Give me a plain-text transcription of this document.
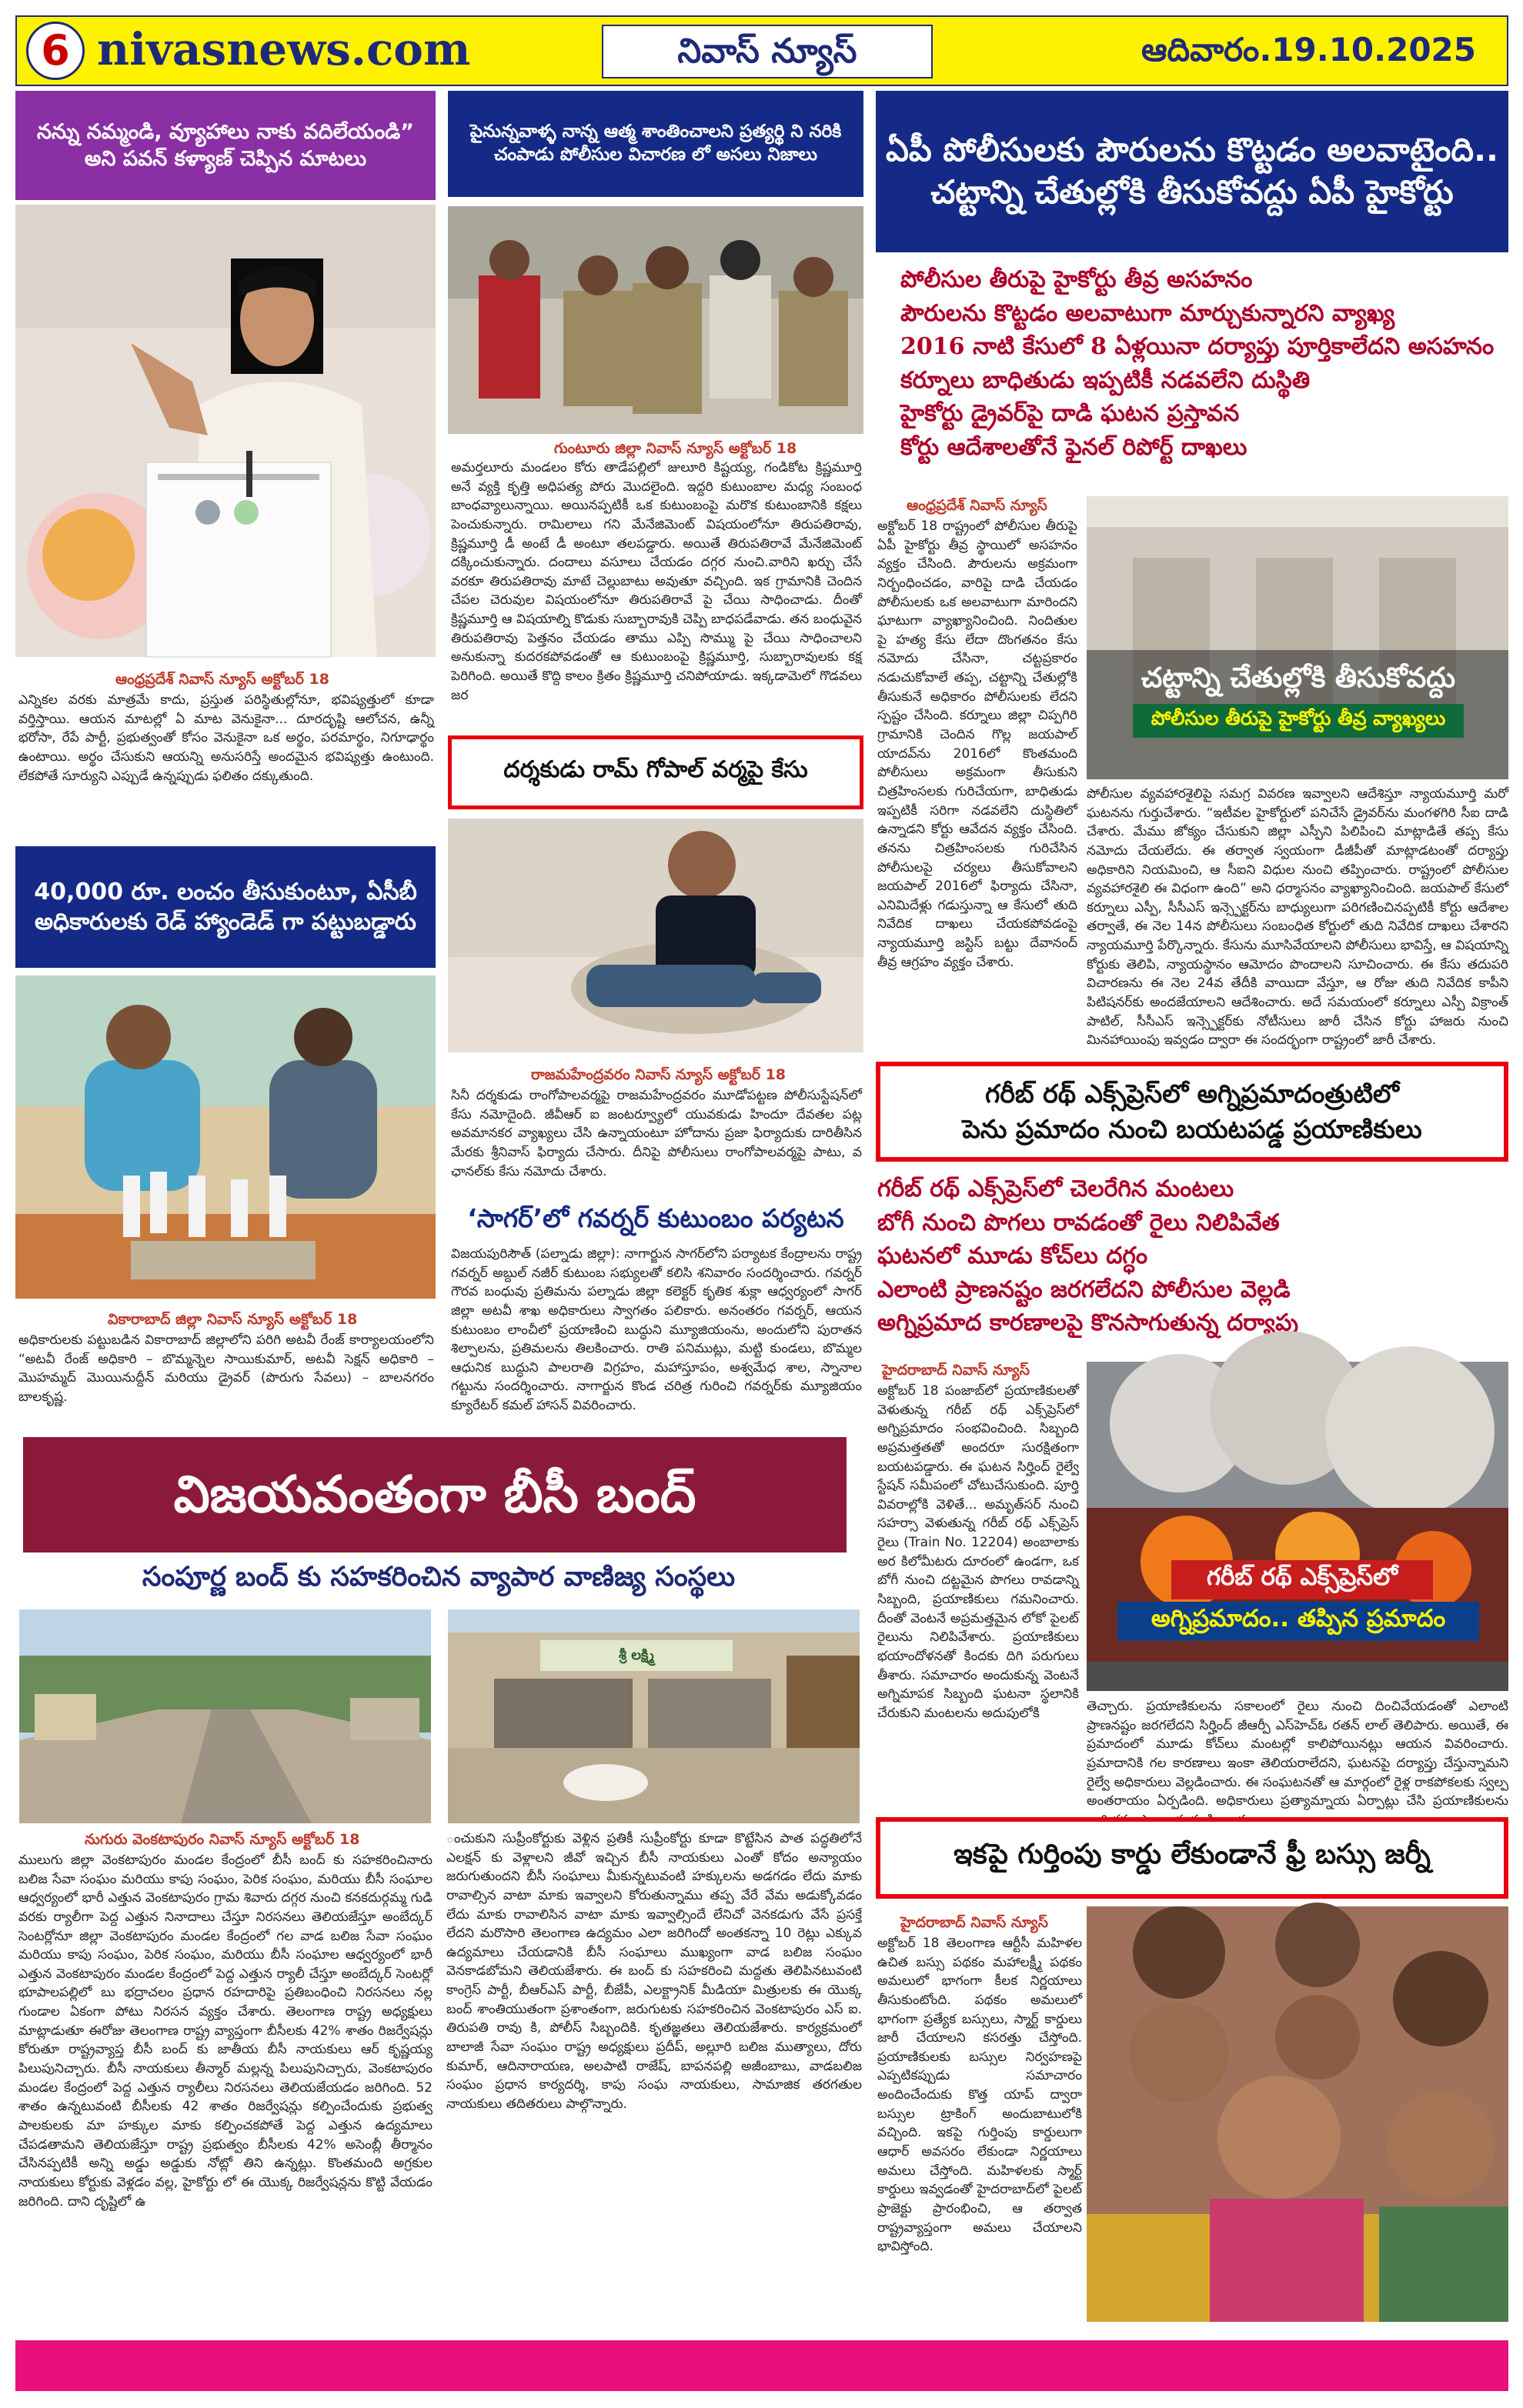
6 nivasnews.com	నివాస్ న్యూస్	ఆదివారం.19.10.2025
నన్ను నమ్మండి, వ్యూహాలు నాకు వదిలేయండి”
అని పవన్ కళ్యాణ్ చెప్పిన మాటలు
ఆంధ్రప్రదేశ్ నివాస్ న్యూస్ అక్టోబర్ 18
ఎన్నికల వరకు మాత్రమే కాదు, ప్రస్తుత పరిస్థితుల్లోనూ, భవిష్యత్తులో కూడా వర్తిస్తాయి. ఆయన మాటల్లో ఏ మాట వెనుకైనా... దూరదృష్టి ఆలోచన, ఉన్నీ భరోసా, రేపే పార్టీ, ప్రభుత్వంతో కోసం వెనుకైనా ఒక అర్థం, పరమార్థం, నిగూఢార్థం ఉంటాయి. అర్థం చేసుకుని ఆయన్ని అనుసరిస్తే అందమైన భవిష్యత్తు ఉంటుంది. లేకపోతే సూర్యుని ఎప్పుడే ఉన్నప్పుడు ఫలితం దక్కుతుంది.
40,000 రూ. లంచం తీసుకుంటూ, ఏసీబీ అధికారులకు రెడ్ హ్యాండెడ్ గా పట్టుబడ్డారు
వికారాబాద్ జిల్లా నివాస్ న్యూస్ అక్టోబర్ 18
అధికారులకు పట్టుబడిన వికారాబాద్ జిల్లాలోని పరిగి అటవీ రేంజ్ కార్యాలయంలోని “అటవీ రేంజ్ అధికారి – బొమ్మన్నెల సాయికుమార్, అటవీ సెక్షన్ అధికారి – మొహమ్మద్ మొయినుద్దీన్ మరియు డ్రైవర్ (పొరుగు సేవలు) – బాలనగరం బాలకృష్ణ.
పైనున్నవాళ్ళ నాన్న ఆత్మ శాంతించాలని ప్రత్యర్థి ని నరికి చంపాడు పోలీసుల విచారణ లో అసలు నిజాలు
గుంటూరు జిల్లా నివాస్ న్యూస్ అక్టోబర్ 18
అమర్తలూరు మండలం కోరు తాడేపల్లిలో జులూరి కిష్టయ్య, గండికోట క్రిష్ణమూర్తి అనే వ్యక్తి కృత్తి అధిపత్య పోరు మొదలైంది. ఇద్దరి కుటుంబాల మధ్య సంబంధ బాంధవ్యాలున్నాయి. అయినప్పటికీ ఒక కుటుంబంపై మరొక కుటుంబానికి కక్షలు పెంచుకున్నారు. రామిలాలు గని మేనేజిమెంట్ విషయంలోనూ తిరుపతిరావు, క్రిష్ణమూర్తి డీ అంటే డీ అంటూ తలపడ్డారు. అయితే తిరుపతిరావే మేనేజిమెంట్ దక్కించుకున్నారు. దందాలు వసూలు చేయడం దగ్గర నుంచి.వారిని ఖర్చు చేసే వరకూ తిరుపతిరావు మాటే చెల్లుబాటు అవుతూ వచ్చింది. ఇక గ్రామానికి చెందిన చేపల చెరువుల విషయంలోనూ తిరుపతిరావే పై చేయి సాధించాడు. దీంతో క్రిష్ణమూర్తి ఆ విషయాల్ని కొడుకు సుబ్బారావుకి చెప్పి బాధపడేవాడు. తన బంధువైన తిరుపతిరావు పెత్తనం చేయడం తాము ఎప్పి సొమ్ము పై చేయి సాధించాలని అనుకున్నా కుదరకపోవడంతో ఆ కుటుంబంపై క్రిష్ణమూర్తి, సుబ్బారావులకు కక్ష పెరిగింది. అయితే కొద్ది కాలం క్రితం క్రిష్ణమూర్తి చనిపోయాడు. ఇక్కడామెలో గొడవలు జర
దర్శకుడు రామ్ గోపాల్ వర్మపై కేసు
రాజమహేంద్రవరం నివాస్ న్యూస్ అక్టోబర్ 18
సినీ దర్శకుడు రాంగోపాలవర్మపై రాజమహేంద్రవరం మూడోపట్టణ పోలీసుస్టేషన్‌లో కేసు నమోదైంది. జీవీఆర్ ఐ జంటర్వ్యూలో యువకుడు హిందూ దేవతల పట్ల అవమానకర వ్యాఖ్యలు చేసి ఉన్నాయంటూ హోదాను ప్రజా ఫిర్యాదుకు దారితీసిన మేరకు శ్రీనివాస్ ఫిర్యాదు చేసారు. దీనిపై పోలీసులు రాంగోపాలవర్మపై పాటు, వ ఛానల్‌కు కేసు నమోదు చేశారు.
‘సాగర్’లో గవర్నర్ కుటుంబం పర్యటన
విజయపురిసౌత్ (పల్నాడు జిల్లా): నాగార్జున సాగర్‌లోని పర్యాటక కేంద్రాలను రాష్ట్ర గవర్నర్ అబ్దుల్ నజీర్ కుటుంబ సభ్యులతో కలిసి శనివారం సందర్శించారు. గవర్నర్ గౌరవ బంధువు ప్రతిమను పల్నాడు జిల్లా కలెక్టర్ కృతిక శుక్లా ఆధ్వర్యంలో సాగర్ జిల్లా అటవీ శాఖ అధికారులు స్వాగతం పలికారు. అనంతరం గవర్నర్, ఆయన కుటుంబం లాంచీలో ప్రయాణించి బుద్ధుని మ్యూజియంను, అందులోని పురాతన శిల్పాలను, ప్రతిమలను తిలకించారు. రాతి పనిముట్లు, మట్టి కుండలు, బొమ్మల ఆధునిక బుద్ధుని పాలరాతి విగ్రహం, మహాస్తూపం, అశ్వమేధ శాల, స్నానాల గట్టును సందర్శించారు. నాగార్జున కొండ చరిత్ర గురించి గవర్నర్‌కు మ్యూజియం క్యూరేటర్ కమల్ హాసన్ వివరించారు.
విజయవంతంగా బీసీ బంద్
సంపూర్ణ బంద్ కు సహకరించిన వ్యాపార వాణిజ్య సంస్థలు
శ్రీ లక్ష్మి
నుగురు వెంకటాపురం నివాస్ న్యూస్ అక్టోబర్ 18
ములుగు జిల్లా వెంకటాపురం మండల కేంద్రంలో బీసీ బంద్ కు సహకరించినారు బలిజ సేవా సంఘం మరియు కాపు సంఘం, పెరిక సంఘం, మరియు బీసీ సంఘాల ఆధ్వర్యంలో భారీ ఎత్తున వెంకటాపురం గ్రామ శివారు దగ్గర నుంచి కనకదుర్గమ్మ గుడి వరకు ర్యాలీగా పెద్ద ఎత్తున నినాదాలు చేస్తూ నిరసనలు తెలియజేస్తూ అంబేద్కర్ సెంటర్లోనూ జిల్లా వెంకటాపురం మండల కేంద్రంలో గల వాడ బలిజ సేవా సంఘం మరియు కాపు సంఘం, పెరిక సంఘం, మరియు బీసీ సంఘాల ఆధ్వర్యంలో భారీ ఎత్తున వెంకటాపురం మండల కేంద్రంలో పెద్ద ఎత్తున ర్యాలీ చేస్తూ అంబేద్కర్ సెంటర్లో భూపాలపల్లిలో బు భద్రాచలం ప్రధాన రహదారిపై ప్రతిబంధించి నిరసనలు నల్ల గుండాల ఏకంగా పోటు నిరసన వ్యక్తం చేశారు. తెలంగాణ రాష్ట్ర అధ్యక్షులు మాట్లాడుతూ ఈరోజు తెలంగాణ రాష్ట్ర వ్యాప్తంగా బీసీలకు 42% శాతం రిజర్వేషన్లు కోరుతూ రాష్ట్రవ్యాప్త బీసీ బంద్ కు జాతీయ బీసీ నాయకులు ఆర్ కృష్ణయ్య పిలుపునిచ్చారు. బీసీ నాయకులు తీన్మార్ మల్లన్న పిలుపునిచ్చారు, వెంకటాపురం మండల కేంద్రంలో పెద్ద ఎత్తున ర్యాలీలు నిరసనలు తెలియజేయడం జరిగింది. 52 శాతం ఉన్నటువంటి బీసీలకు 42 శాతం రిజర్వేషన్లు కల్పించేందుకు ప్రభుత్వ పాలకులకు మా హక్కుల మాకు కల్పించకపోతే పెద్ద ఎత్తున ఉద్యమాలు చేపడతామని తెలియజేస్తూ రాష్ట్ర ప్రభుత్వం బీసీలకు 42% అసెంబ్లీ తీర్మానం చేసినప్పటికీ అన్ని అడ్డు అడ్డుకు నోట్లో తిని ఉన్నట్లు. కొంతమంది అగ్రకుల నాయకులు కోర్టుకు వెళ్లడం వల్ల, హైకోర్టు లో ఈ యొక్క రిజర్వేషన్లను కొట్టి వేయడం జరిగింది. దాని దృష్టిలో ఉ
ంచుకుని సుప్రీంకోర్టుకు వెళ్లిన ప్రతికీ సుప్రీంకోర్టు కూడా కొట్టేసిన పాత పద్ధతిలోనే ఎలక్షన్ కు వెళ్లాలని జీవో ఇచ్చిన బీసీ నాయకులు ఎంతో కోదం అన్యాయం జరుగుతుందని బీసీ సంఘాలు మీకున్నటువంటి హక్కులను అడగడం లేదు మాకు రావాల్సిన వాటా మాకు ఇవ్వాలని కోరుతున్నాము తప్ప వేరే వేమ అడుక్కోవడం లేదు మాకు రావాలిసిన వాటా మాకు ఇవ్వాల్సిందే లేనిచో వెనకడుగు వేసే ప్రసక్తే లేదని మరొసారి తెలంగాణ ఉద్యమం ఎలా జరిగిందో అంతకన్నా 10 రెట్లు ఎక్కువ ఉద్యమాలు చేయడానికి బీసీ సంఘాలు ముఖ్యంగా వాడ బలిజ సంఘం వెనకాడబోమని తెలియజేశారు. ఈ బంద్ కు సహకరించి మద్దతు తెలిపినటువంటి కాంగ్రెస్ పార్టీ, బీఆర్ఎస్ పార్టీ, బీజేపీ, ఎలక్ట్రానిక్ మీడియా మిత్రులకు ఈ యొక్క బంద్ శాంతియుతంగా ప్రశాంతంగా, జరుగుటకు సహకరించిన వెంకటాపురం ఎస్ ఐ. తిరుపతి రావు కి, పోలీస్ సిబ్బందికి. కృతజ్ఞతలు తెలియజేశారు. కార్యక్రమంలో బాలాజీ సేవా సంఘం రాష్ట్ర అధ్యక్షులు ప్రదీప్, అల్లూరి బలిజ ముత్యాలు, దోరు కుమార్, ఆదినారాయణ, అలపాటి రాజేష్, బాపనపల్లి అజీంబాబు, వాడబలిజ సంఘం ప్రధాన కార్యదర్శి, కాపు సంఘ నాయకులు, సామాజిక తరగతుల నాయకులు తదితరులు పాల్గొన్నారు.
ఏపీ పోలీసులకు పౌరులను కొట్టడం అలవాటైంది..
చట్టాన్ని చేతుల్లోకి తీసుకోవద్దు ఏపీ హైకోర్టు
పోలీసుల తీరుపై హైకోర్టు తీవ్ర అసహనం
పౌరులను కొట్టడం అలవాటుగా మార్చుకున్నారని వ్యాఖ్య
2016 నాటి కేసులో 8 ఏళ్లయినా దర్యాప్తు పూర్తికాలేదని అసహనం
కర్నూలు బాధితుడు ఇప్పటికీ నడవలేని దుస్థితి
హైకోర్టు డ్రైవర్‌పై దాడి ఘటన ప్రస్తావన
కోర్టు ఆదేశాలతోనే ఫైనల్ రిపోర్ట్ దాఖలు
ఆంధ్రప్రదేశ్ నివాస్ న్యూస్
అక్టోబర్ 18 రాష్ట్రంలో పోలీసుల తీరుపై ఏపీ హైకోర్టు తీవ్ర స్థాయిలో అసహనం వ్యక్తం చేసింది. పౌరులను అక్రమంగా నిర్బంధించడం, వారిపై దాడి చేయడం పోలీసులకు ఒక అలవాటుగా మారిందని ఘాటుగా వ్యాఖ్యానించింది. నిందితుల పై హత్య కేసు లేదా దొంగతనం కేసు నమోదు చేసినా, చట్టప్రకారం నడుచుకోవాలే తప్ప, చట్టాన్ని చేతుల్లోకి తీసుకునే అధికారం పోలీసులకు లేదని స్పష్టం చేసింది. కర్నూలు జిల్లా చిప్పగిరి గ్రామానికి చెందిన గొల్ల జయపాల్ యాదవ్‌ను 2016లో కొంతమంది పోలీసులు అక్రమంగా తీసుకుని చిత్రహింసలకు గురిచేయగా, బాధితుడు ఇప్పటికీ సరిగా నడవలేని దుస్థితిలో ఉన్నాడని కోర్టు ఆవేదన వ్యక్తం చేసింది. తనను చిత్రహింసలకు గురిచేసిన పోలీసులపై చర్యలు తీసుకోవాలని జయపాల్ 2016లో ఫిర్యాదు చేసినా, ఎనిమిదేళ్లు గడుస్తున్నా ఆ కేసులో తుది నివేదిక దాఖలు చేయకపోవడంపై న్యాయమూర్తి జస్టిస్ బట్టు దేవానంద్ తీవ్ర ఆగ్రహం వ్యక్తం చేశారు.
చట్టాన్ని చేతుల్లోకి తీసుకోవద్దు
పోలీసుల తీరుపై హైకోర్టు తీవ్ర వ్యాఖ్యలు
పోలీసుల వ్యవహారశైలిపై సమగ్ర వివరణ ఇవ్వాలని ఆదేశిస్తూ న్యాయమూర్తి మరో ఘటనను గుర్తుచేశారు. “ఇటీవల హైకోర్టులో పనిచేసే డ్రైవర్‌ను మంగళగిరి సీఐ దాడి చేశారు. మేము జోక్యం చేసుకుని జిల్లా ఎస్పీని పిలిపించి మాట్లాడితే తప్ప కేసు నమోదు చేయలేదు. ఈ తర్వాత స్వయంగా డీజీపీతో మాట్లాడటంతో దర్యాప్తు అధికారిని నియమించి, ఆ సీఐని విధుల నుంచి తప్పించారు. రాష్ట్రంలో పోలీసుల వ్యవహారశైలి ఈ విధంగా ఉంది” అని ధర్మాసనం వ్యాఖ్యానించింది. జయపాల్ కేసులో కర్నూలు ఎస్పీ, సీసీఎస్ ఇన్స్పెక్టర్‌ను బాధ్యులుగా పరిగణించినప్పటికీ కోర్టు ఆదేశాల తర్వాతే, ఈ నెల 14న పోలీసులు సంబంధిత కోర్టులో తుది నివేదిక దాఖలు చేశారని న్యాయమూర్తి పేర్కొన్నారు. కేసును మూసివేయాలని పోలీసులు భావిస్తే, ఆ విషయాన్ని కోర్టుకు తెలిపి, న్యాయస్థానం ఆమోదం పొందాలని సూచించారు. ఈ కేసు తదుపరి విచారణను ఈ నెల 24వ తేదీకి వాయిదా వేస్తూ, ఆ రోజు తుది నివేదిక కాపీని పిటిషనర్‌కు అందజేయాలని ఆదేశించారు. అదే సమయంలో కర్నూలు ఎస్పీ విక్రాంత్ పాటిల్, సీసీఎస్ ఇన్స్పెక్టర్‌కు నోటీసులు జారీ చేసిన కోర్టు హాజరు నుంచి మినహాయింపు ఇవ్వడం ద్వారా ఈ సందర్భంగా రాష్ట్రంలో జారీ చేశారు.
గరీబ్ రథ్ ఎక్స్‌ప్రెస్‌లో అగ్నిప్రమాదంత్రుటిలో
పెను ప్రమాదం నుంచి బయటపడ్డ ప్రయాణికులు
గరీబ్ రథ్ ఎక్స్‌ప్రెస్‌లో చెలరేగిన మంటలు
బోగీ నుంచి పొగలు రావడంతో రైలు నిలిపివేత
ఘటనలో మూడు కోచ్‌లు దగ్ధం
ఎలాంటి ప్రాణనష్టం జరగలేదని పోలీసుల వెల్లడి
అగ్నిప్రమాద కారణాలపై కొనసాగుతున్న దర్యాప్తు
హైదరాబాద్ నివాస్ న్యూస్
అక్టోబర్ 18 పంజాబ్‌లో ప్రయాణికులతో వెళుతున్న గరీబ్ రథ్ ఎక్స్‌ప్రెస్‌లో అగ్నిప్రమాదం సంభవించింది. సిబ్బంది అప్రమత్తతతో అందరూ సురక్షితంగా బయటపడ్డారు. ఈ ఘటన సిర్హింద్ రైల్వే స్టేషన్ సమీపంలో చోటుచేసుకుంది. పూర్తి వివరాల్లోకి వెళితే... అమృత్‌సర్ నుంచి సహర్సా వెళుతున్న గరీబ్ రథ్ ఎక్స్‌ప్రెస్ రైలు (Train No. 12204) అంబాలాకు అర కిలోమీటరు దూరంలో ఉండగా, ఒక బోగీ నుంచి దట్టమైన పొగలు రావడాన్ని సిబ్బంది, ప్రయాణికులు గమనించారు. దీంతో వెంటనే అప్రమత్తమైన లోకో పైలట్ రైలును నిలిపివేశారు. ప్రయాణికులు భయాందోళనతో కిందకు దిగి పరుగులు తీశారు. సమాచారం అందుకున్న వెంటనే అగ్నిమాపక సిబ్బంది ఘటనా స్థలానికి చేరుకుని మంటలను అదుపులోకి
గరీబ్ రథ్ ఎక్స్‌ప్రెస్‌లో
అగ్నిప్రమాదం.. తప్పిన ప్రమాదం
తెచ్చారు. ప్రయాణికులను సకాలంలో రైలు నుంచి దించివేయడంతో ఎలాంటి ప్రాణనష్టం జరగలేదని సిర్హింద్ జీఆర్పీ ఎస్‌హెచ్ఓ రతన్ లాల్ తెలిపారు. అయితే, ఈ ప్రమాదంలో మూడు కోచ్‌లు మంటల్లో కాలిపోయినట్లు ఆయన వివరించారు. ప్రమాదానికి గల కారణాలు ఇంకా తెలియరాలేదని, ఘటనపై దర్యాప్తు చేస్తున్నామని రైల్వే అధికారులు వెల్లడించారు. ఈ సంఘటనతో ఆ మార్గంలో రైళ్ల రాకపోకలకు స్వల్ప అంతరాయం ఏర్పడింది. అధికారులు ప్రత్యామ్నాయ ఏర్పాట్లు చేసి ప్రయాణికులను
ఇకపై గుర్తింపు కార్డు లేకుండానే ఫ్రీ బస్సు జర్నీ
హైదరాబాద్ నివాస్ న్యూస్
అక్టోబర్ 18 తెలంగాణ ఆర్టీసీ మహిళల ఉచిత బస్సు పథకం మహాలక్ష్మీ పథకం అమలులో భాగంగా కీలక నిర్ణయాలు తీసుకుంటోంది. పథకం అమలులో భాగంగా ప్రత్యేక బస్సులు, స్మార్ట్ కార్డులు జారీ చేయాలని కసరత్తు చేస్తోంది. ప్రయాణికులకు బస్సుల నిర్వహణపై ఎప్పటికప్పుడు సమాచారం అందించేందుకు కొత్త యాప్ ద్వారా బస్సుల ట్రాకింగ్ అందుబాటులోకి వచ్చింది. ఇకపై గుర్తింపు కార్డులుగా ఆధార్ అవసరం లేకుండా నిర్ణయాలు అమలు చేస్తోంది. మహిళలకు స్మార్ట్ కార్డులు ఇవ్వడంతో హైదరాబాద్‌లో పైలట్ ప్రాజెక్టు ప్రారంభించి, ఆ తర్వాత రాష్ట్రవ్యాప్తంగా అమలు చేయాలని భావిస్తోంది.
